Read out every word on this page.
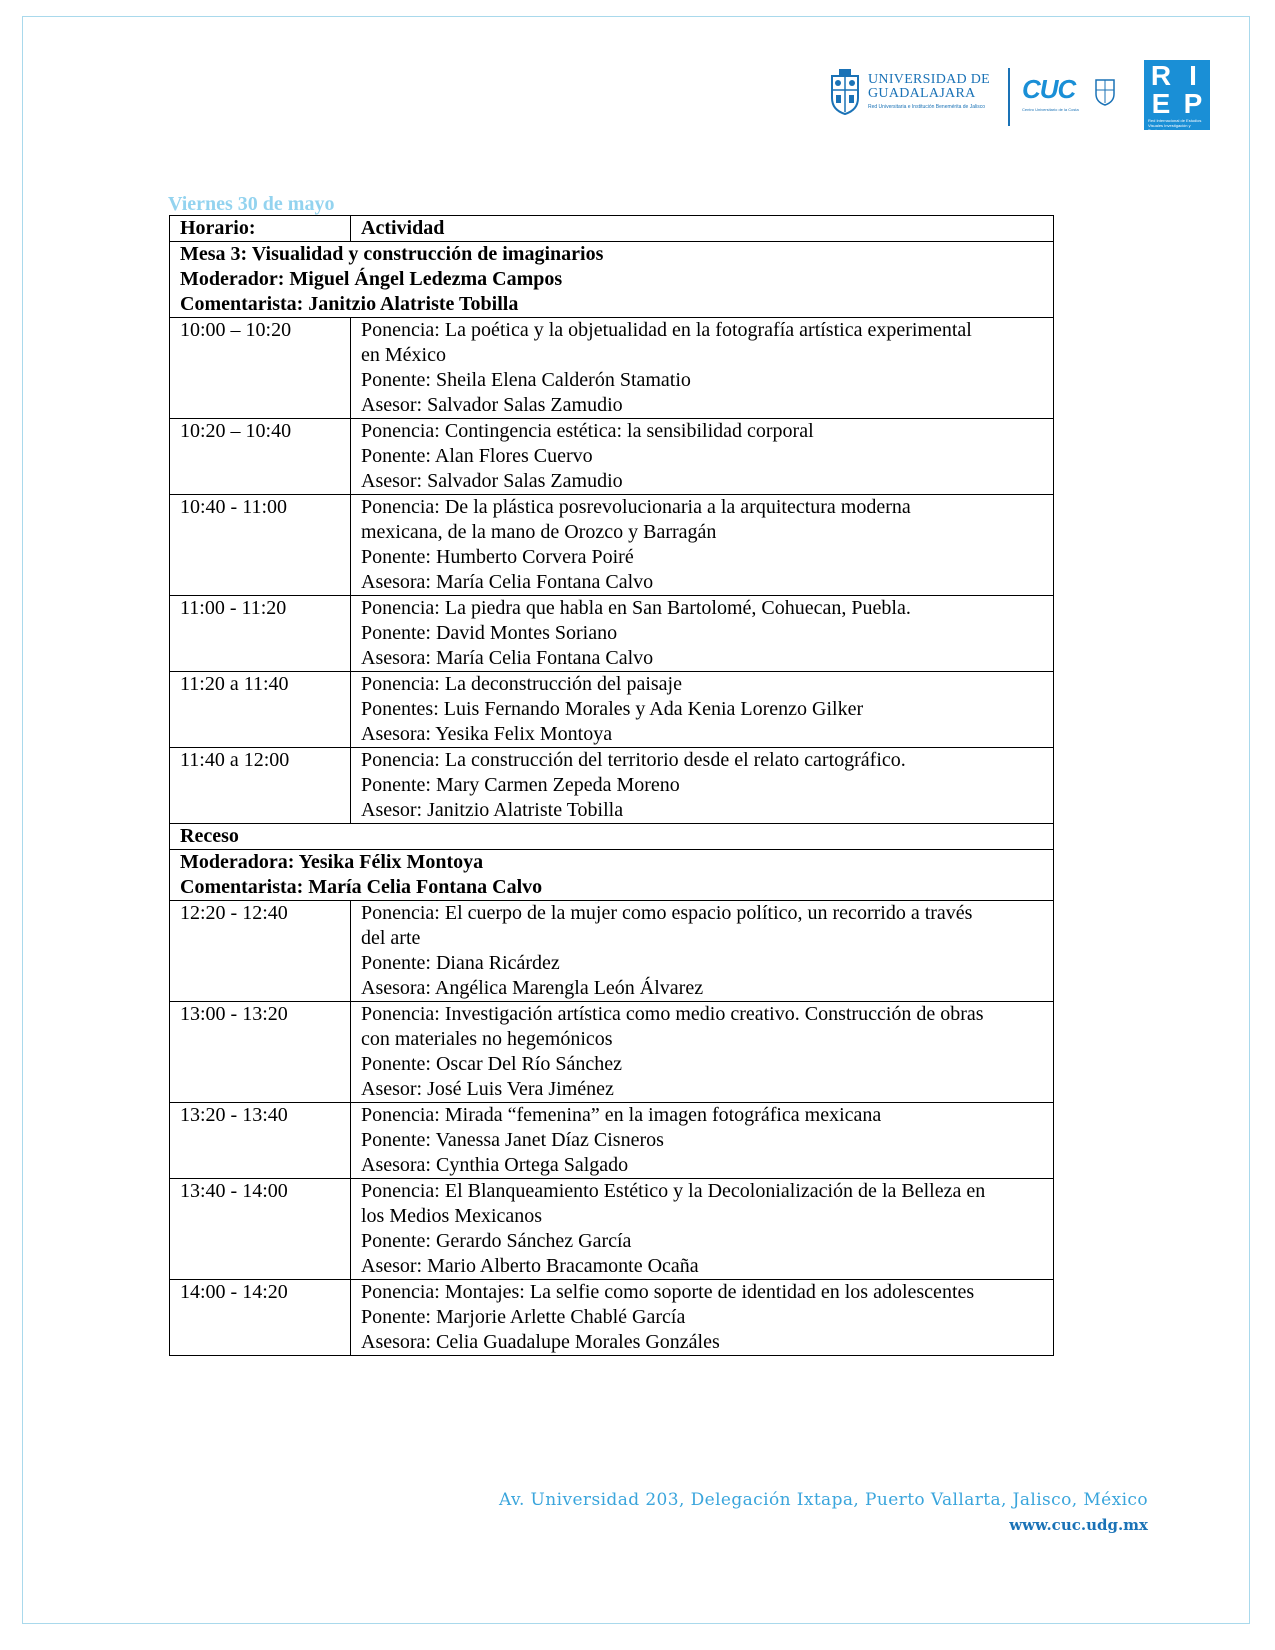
UNIVERSIDAD DE
GUADALAJARA
Red Universitaria e Institución Benemérita de Jalisco
CUC
Centro Universitario de la Costa
R I
E P
Red Internacional de Estudios Visuales Investigación y Producción
Viernes 30 de mayo
Horario:	Actividad

Mesa 3: Visualidad y construcción de imaginarios
Moderador: Miguel Ángel Ledezma Campos
Comentarista: Janitzio Alatriste Tobilla	

10:00 – 10:20	Ponencia: La poética y la objetualidad en la fotografía artística experimental
en México
Ponente: Sheila Elena Calderón Stamatio
Asesor: Salvador Salas Zamudio

10:20 – 10:40	Ponencia: Contingencia estética: la sensibilidad corporal
Ponente: Alan Flores Cuervo
Asesor: Salvador Salas Zamudio

10:40 - 11:00	Ponencia: De la plástica posrevolucionaria a la arquitectura moderna
mexicana, de la mano de Orozco y Barragán
Ponente: Humberto Corvera Poiré
Asesora: María Celia Fontana Calvo

11:00 - 11:20	Ponencia: La piedra que habla en San Bartolomé, Cohuecan, Puebla.
Ponente: David Montes Soriano
Asesora: María Celia Fontana Calvo

11:20 a 11:40	Ponencia: La deconstrucción del paisaje
Ponentes: Luis Fernando Morales y Ada Kenia Lorenzo Gilker
Asesora: Yesika Felix Montoya

11:40 a 12:00	Ponencia: La construcción del territorio desde el relato cartográfico.
Ponente: Mary Carmen Zepeda Moreno
Asesor: Janitzio Alatriste Tobilla

Receso	

Moderadora: Yesika Félix Montoya
Comentarista: María Celia Fontana Calvo	

12:20 - 12:40	Ponencia: El cuerpo de la mujer como espacio político, un recorrido a través
del arte
Ponente: Diana Ricárdez
Asesora: Angélica Marengla León Álvarez

13:00 - 13:20	Ponencia: Investigación artística como medio creativo. Construcción de obras
con materiales no hegemónicos
Ponente: Oscar Del Río Sánchez
Asesor: José Luis Vera Jiménez

13:20 - 13:40	Ponencia: Mirada “femenina” en la imagen fotográfica mexicana
Ponente: Vanessa Janet Díaz Cisneros
Asesora: Cynthia Ortega Salgado

13:40 - 14:00	Ponencia: El Blanqueamiento Estético y la Decolonialización de la Belleza en
los Medios Mexicanos
Ponente: Gerardo Sánchez García
Asesor: Mario Alberto Bracamonte Ocaña

14:00 - 14:20	Ponencia: Montajes: La selfie como soporte de identidad en los adolescentes
Ponente: Marjorie Arlette Chablé García
Asesora: Celia Guadalupe Morales Gonzáles
Av. Universidad 203, Delegación Ixtapa, Puerto Vallarta, Jalisco, México
www.cuc.udg.mx
